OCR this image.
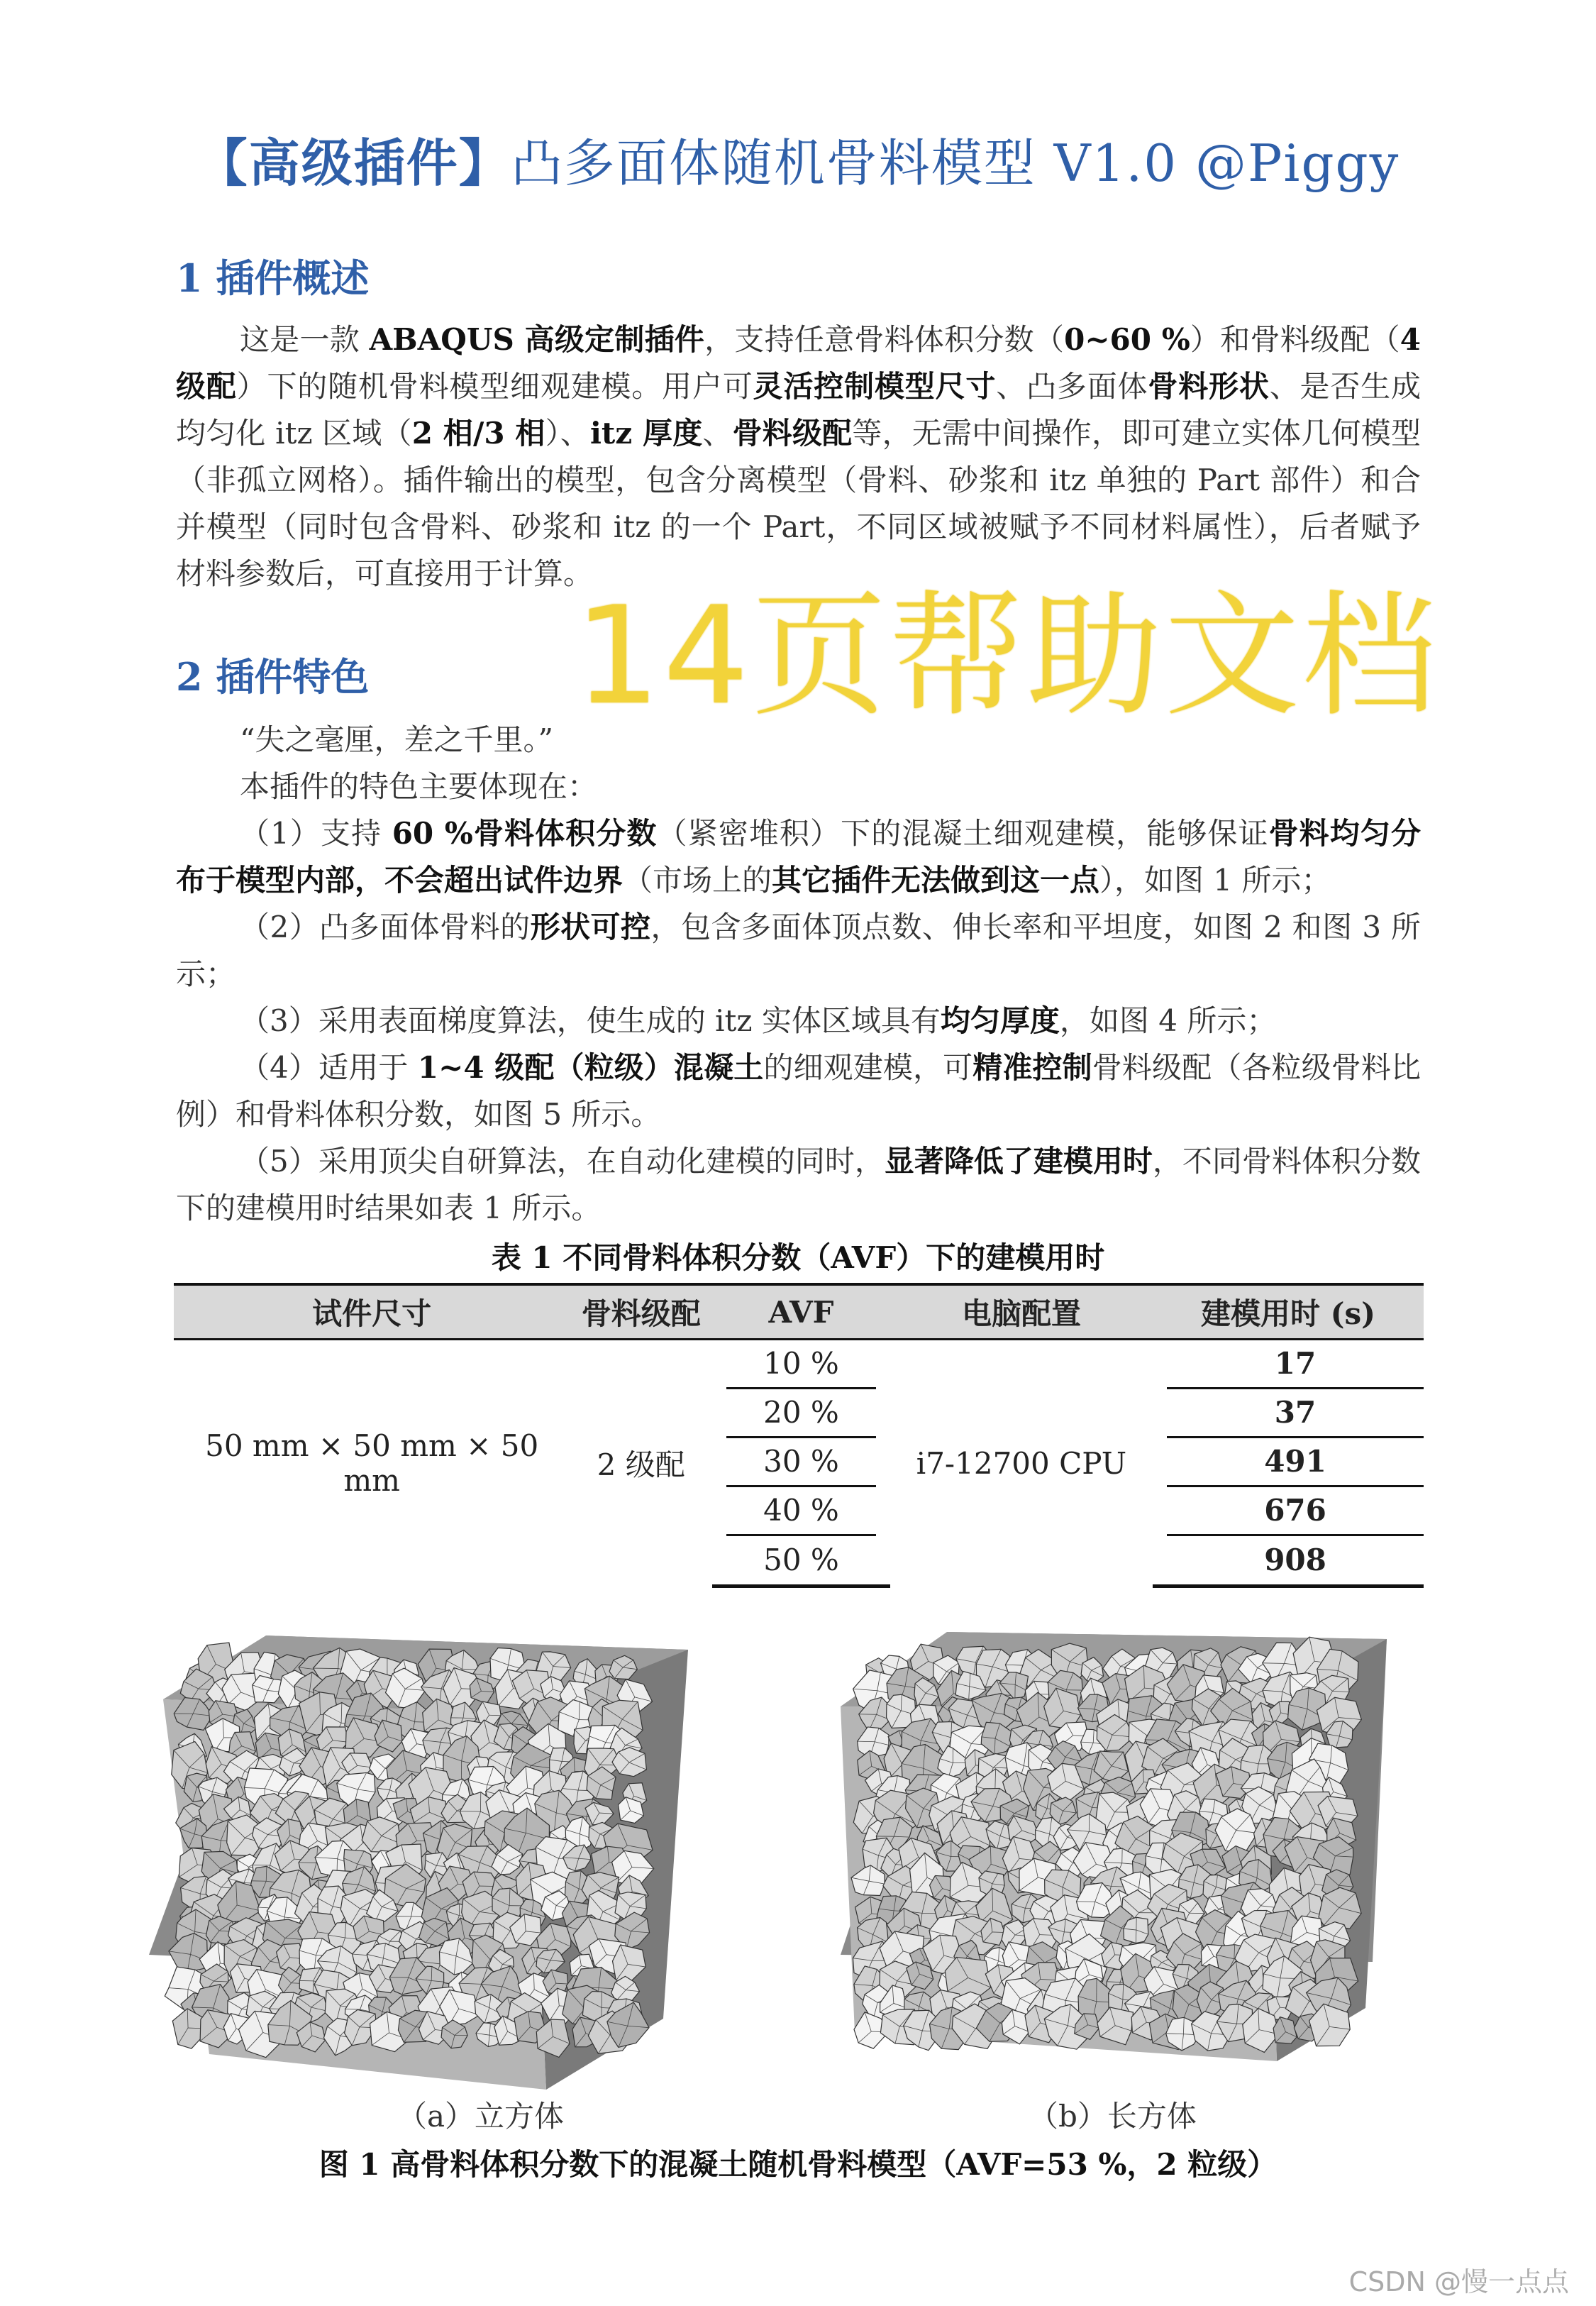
【高级插件】凸多面体随机骨料模型 V1.0 @Piggy
1 插件概述

这是一款 ABAQUS 高级定制插件，支持任意骨料体积分数（0~60 %）和骨料级配（4 级配）下的随机骨料模型细观建模。用户可灵活控制模型尺寸、凸多面体骨料形状、是否生成均匀化 itz 区域（2 相/3 相）、itz 厚度、骨料级配等，无需中间操作，即可建立实体几何模型（非孤立网格）。插件输出的模型，包含分离模型（骨料、砂浆和 itz 单独的 Part 部件）和合并模型（同时包含骨料、砂浆和 itz 的一个 Part，不同区域被赋予不同材料属性），后者赋予材料参数后，可直接用于计算。

2 插件特色 14页帮助文档

“失之毫厘，差之千里。”

本插件的特色主要体现在：

（1）支持 60 %骨料体积分数（紧密堆积）下的混凝土细观建模，能够保证骨料均匀分布于模型内部，不会超出试件边界（市场上的其它插件无法做到这一点），如图 1 所示；

（2）凸多面体骨料的形状可控，包含多面体顶点数、伸长率和平坦度，如图 2 和图 3 所示；

（3）采用表面梯度算法，使生成的 itz 实体区域具有均匀厚度，如图 4 所示；

（4）适用于 1~4 级配（粒级）混凝土的细观建模，可精准控制骨料级配（各粒级骨料比例）和骨料体积分数，如图 5 所示。

（5）采用顶尖自研算法，在自动化建模的同时，显著降低了建模用时，不同骨料体积分数下的建模用时结果如表 1 所示。

表 1 不同骨料体积分数（AVF）下的建模用时
试件尺寸	骨料级配	AVF	电脑配置	建模用时 (s)
50 mm × 50 mm × 50 mm	2 级配	10 %	i7-12700 CPU	17

		20 %		37

		30 %		491

		40 %		676

		50 %		908
（a）立方体	（b）长方体
图 1 高骨料体积分数下的混凝土随机骨料模型（AVF=53 %，2 粒级）
CSDN @慢一点点
